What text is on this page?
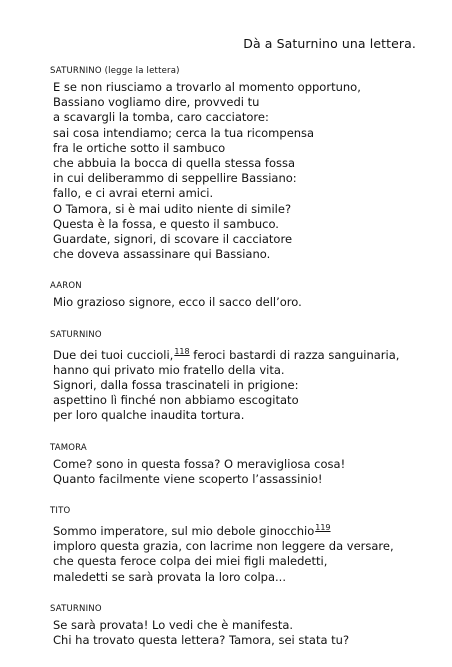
Dà a Saturnino una lettera.
SATURNINO (legge la lettera)
E se non riusciamo a trovarlo al momento opportuno,
Bassiano vogliamo dire, provvedi tu
a scavargli la tomba, caro cacciatore:
sai cosa intendiamo; cerca la tua ricompensa
fra le ortiche sotto il sambuco
che abbuia la bocca di quella stessa fossa
in cui deliberammo di seppellire Bassiano:
fallo, e ci avrai eterni amici.
O Tamora, si è mai udito niente di simile?
Questa è la fossa, e questo il sambuco.
Guardate, signori, di scovare il cacciatore
che doveva assassinare qui Bassiano.
AARON
Mio grazioso signore, ecco il sacco dell’oro.
SATURNINO
Due dei tuoi cuccioli,$^{118}$ feroci bastardi di razza sanguinaria,
hanno qui privato mio fratello della vita.
Signori, dalla fossa trascinateli in prigione:
aspettino lì finché non abbiamo escogitato
per loro qualche inaudita tortura.
TAMORA
Come? sono in questa fossa? O meravigliosa cosa!
Quanto facilmente viene scoperto l’assassinio!
TITO
Sommo imperatore, sul mio debole ginocchio$^{119}$
imploro questa grazia, con lacrime non leggere da versare,
che questa feroce colpa dei miei figli maledetti,
maledetti se sarà provata la loro colpa...
SATURNINO
Se sarà provata! Lo vedi che è manifesta.
Chi ha trovato questa lettera? Tamora, sei stata tu?
